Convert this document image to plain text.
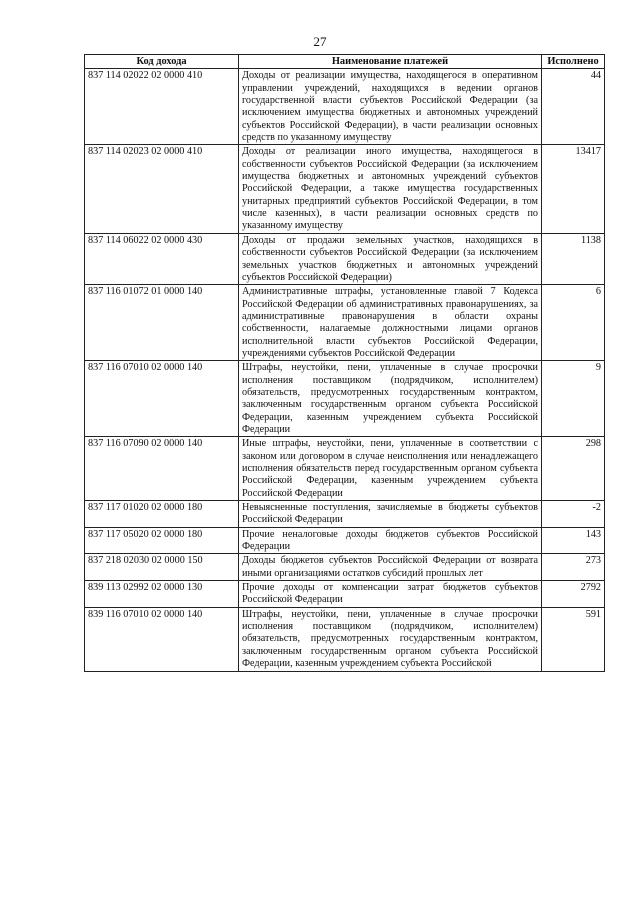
27
Код дохода	Наименование платежей	Исполнено
837 114 02022 02 0000 410	Доходы от реализации имущества, находящегося в оперативном управлении учреждений, находящихся в ведении органов государственной власти субъектов Российской Федерации (за исключением имущества бюджетных и автономных учреждений субъектов Российской Федерации), в части реализации основных средств по указанному имуществу	44
837 114 02023 02 0000 410	Доходы от реализации иного имущества, находящегося в собственности субъектов Российской Федерации (за исключением имущества бюджетных и автономных учреждений субъектов Российской Федерации, а также имущества государственных унитарных предприятий субъектов Российской Федерации, в том числе казенных), в части реализации основных средств по указанному имуществу	13417
837 114 06022 02 0000 430	Доходы от продажи земельных участков, находящихся в собственности субъектов Российской Федерации (за исключением земельных участков бюджетных и автономных учреждений субъектов Российской Федерации)	1138
837 116 01072 01 0000 140	Административные штрафы, установленные главой 7 Кодекса Российской Федерации об административных правонарушениях, за административные правонарушения в области охраны собственности, налагаемые должностными лицами органов исполнительной власти субъектов Российской Федерации, учреждениями субъектов Российской Федерации	6
837 116 07010 02 0000 140	Штрафы, неустойки, пени, уплаченные в случае просрочки исполнения поставщиком (подрядчиком, исполнителем) обязательств, предусмотренных государственным контрактом, заключенным государственным органом субъекта Российской Федерации, казенным учреждением субъекта Российской Федерации	9
837 116 07090 02 0000 140	Иные штрафы, неустойки, пени, уплаченные в соответствии с законом или договором в случае неисполнения или ненадлежащего исполнения обязательств перед государственным органом субъекта Российской Федерации, казенным учреждением субъекта Российской Федерации	298
837 117 01020 02 0000 180	Невыясненные поступления, зачисляемые в бюджеты субъектов Российской Федерации	-2
837 117 05020 02 0000 180	Прочие неналоговые доходы бюджетов субъектов Российской Федерации	143
837 218 02030 02 0000 150	Доходы бюджетов субъектов Российской Федерации от возврата иными организациями остатков субсидий прошлых лет	273
839 113 02992 02 0000 130	Прочие доходы от компенсации затрат бюджетов субъектов Российской Федерации	2792
839 116 07010 02 0000 140	Штрафы, неустойки, пени, уплаченные в случае просрочки исполнения поставщиком (подрядчиком, исполнителем) обязательств, предусмотренных государственным контрактом, заключенным государственным органом субъекта Российской Федерации, казенным учреждением субъекта Российской	591
